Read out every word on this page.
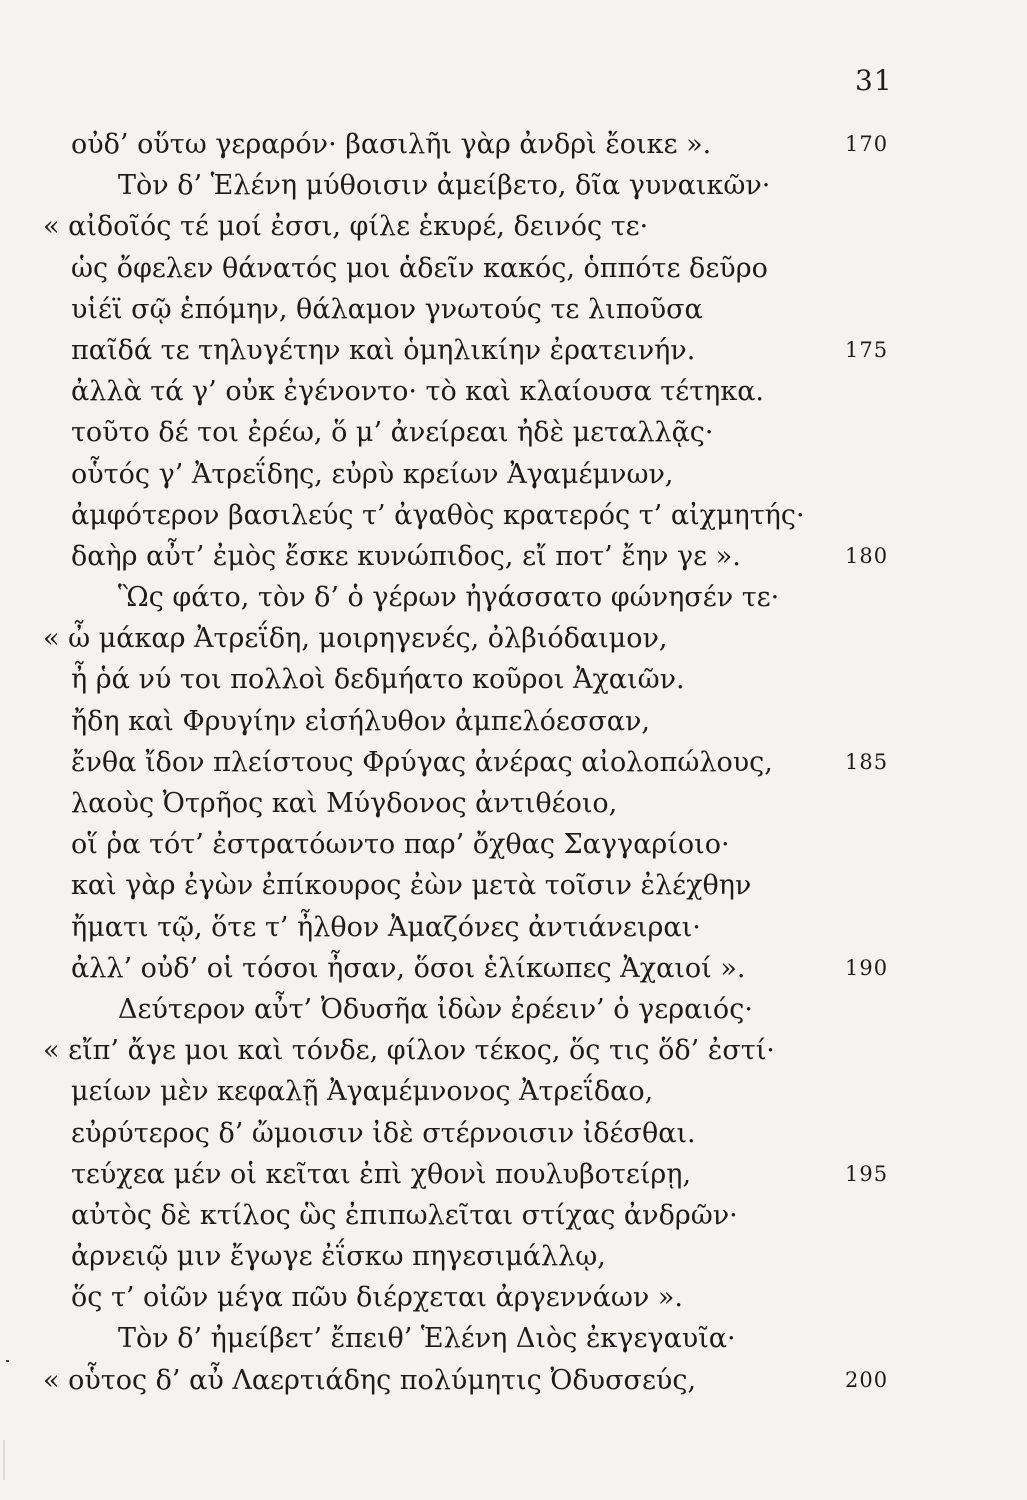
31
οὐδ’ οὕτω γεραρόν· βασιλῆι γὰρ ἀνδρὶ ἔοικε ».	170
Τὸν δ’ Ἑλένη μύθοισιν ἀμείβετο, δῖα γυναικῶν·
« αἰδοῖός τέ μοί ἐσσι, φίλε ἑκυρέ, δεινός τε·
ὡς ὄφελεν θάνατός μοι ἁδεῖν κακός, ὁππότε δεῦρο
υἱέϊ σῷ ἑπόμην, θάλαμον γνωτούς τε λιποῦσα
παῖδά τε τηλυγέτην καὶ ὁμηλικίην ἐρατεινήν.	175
ἀλλὰ τά γ’ οὐκ ἐγένοντο· τὸ καὶ κλαίουσα τέτηκα.
τοῦτο δέ τοι ἐρέω, ὅ μ’ ἀνείρεαι ἠδὲ μεταλλᾷς·
οὗτός γ’ Ἀτρεΐδης, εὐρὺ κρείων Ἀγαμέμνων,
ἀμφότερον βασιλεύς τ’ ἀγαθὸς κρατερός τ’ αἰχμητής·
δαὴρ αὖτ’ ἐμὸς ἔσκε κυνώπιδος, εἴ ποτ’ ἔην γε ».	180
Ὣς φάτο, τὸν δ’ ὁ γέρων ἠγάσσατο φώνησέν τε·
« ὦ μάκαρ Ἀτρεΐδη, μοιρηγενές, ὀλβιόδαιμον,
ἦ ῥά νύ τοι πολλοὶ δεδμήατο κοῦροι Ἀχαιῶν.
ἤδη καὶ Φρυγίην εἰσήλυθον ἀμπελόεσσαν,
ἔνθα ἴδον πλείστους Φρύγας ἀνέρας αἰολοπώλους,	185
λαοὺς Ὀτρῆος καὶ Μύγδονος ἀντιθέοιο,
οἵ ῥα τότ’ ἐστρατόωντο παρ’ ὄχθας Σαγγαρίοιο·
καὶ γὰρ ἐγὼν ἐπίκουρος ἐὼν μετὰ τοῖσιν ἐλέχθην
ἤματι τῷ, ὅτε τ’ ἦλθον Ἀμαζόνες ἀντιάνειραι·
ἀλλ’ οὐδ’ οἱ τόσοι ἦσαν, ὅσοι ἑλίκωπες Ἀχαιοί ».	190
Δεύτερον αὖτ’ Ὀδυσῆα ἰδὼν ἐρέειν’ ὁ γεραιός·
« εἴπ’ ἄγε μοι καὶ τόνδε, φίλον τέκος, ὅς τις ὅδ’ ἐστί·
μείων μὲν κεφαλῇ Ἀγαμέμνονος Ἀτρεΐδαο,
εὐρύτερος δ’ ὤμοισιν ἰδὲ στέρνοισιν ἰδέσθαι.
τεύχεα μέν οἱ κεῖται ἐπὶ χθονὶ πουλυβοτείρῃ,	195
αὐτὸς δὲ κτίλος ὣς ἐπιπωλεῖται στίχας ἀνδρῶν·
ἀρνειῷ μιν ἔγωγε ἐΐσκω πηγεσιμάλλῳ,
ὅς τ’ οἰῶν μέγα πῶυ διέρχεται ἀργεννάων ».
Τὸν δ’ ἠμείβετ’ ἔπειθ’ Ἑλένη Διὸς ἐκγεγαυῖα·
« οὗτος δ’ αὖ Λαερτιάδης πολύμητις Ὀδυσσεύς,	200
